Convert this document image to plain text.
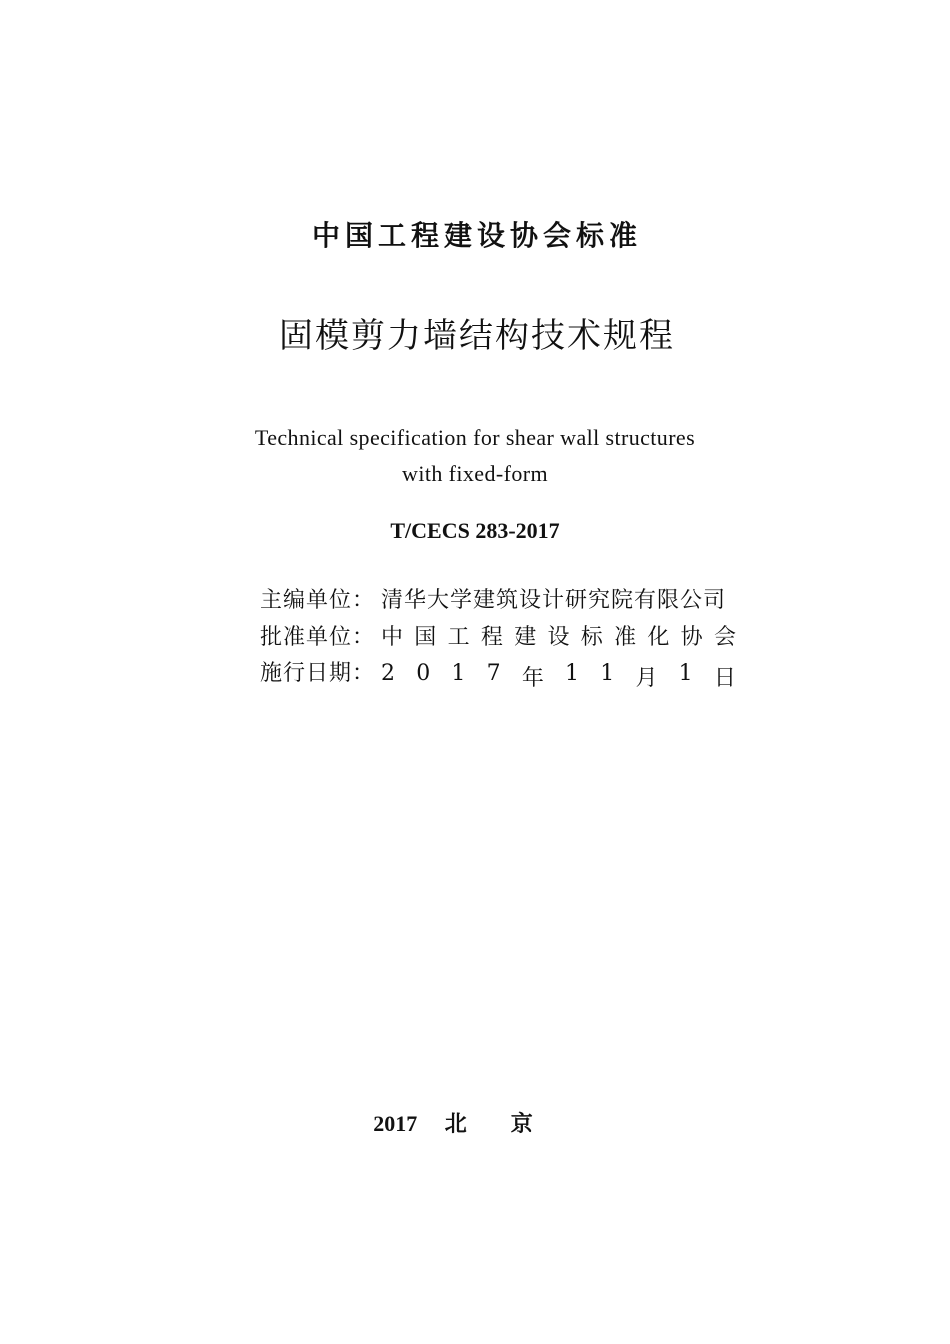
中国工程建设协会标准
固模剪力墙结构技术规程
Technical specification for shear wall structures
with fixed-form
T/CECS 283-2017
主编单位： 清华大学建筑设计研究院有限公司
批准单位： 中 国 工 程 建 设 标 准 化 协 会
施行日期： 2 0 1 7 年 1 1 月 1 日
2017 北京
